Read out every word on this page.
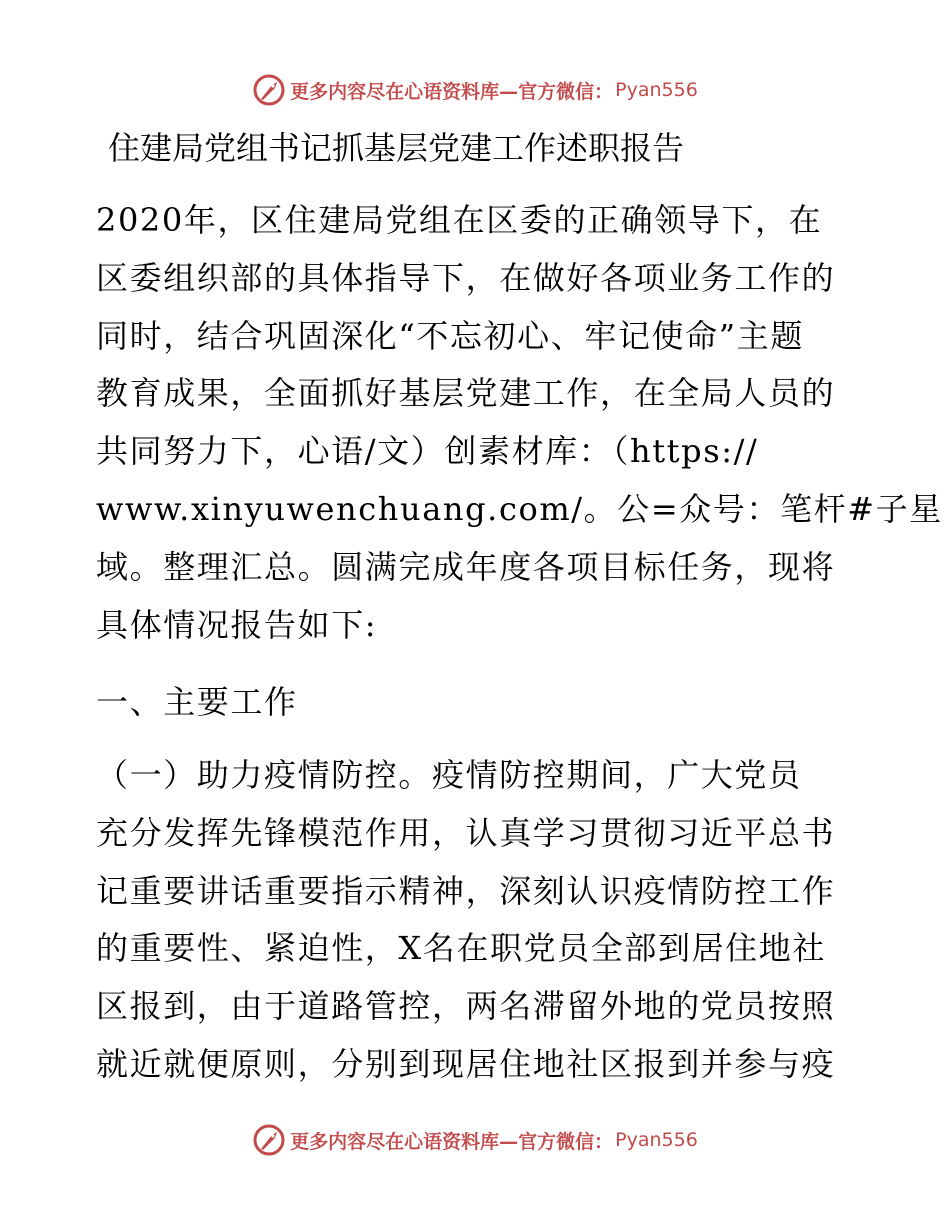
更多内容尽在心语资料库—官方微信： Pyan556
住建局党组书记抓基层党建工作述职报告
2020年，区住建局党组在区委的正确领导下，在
区委组织部的具体指导下，在做好各项业务工作的
同时，结合巩固深化“不忘初心、牢记使命”主题
教育成果，全面抓好基层党建工作，在全局人员的
共同努力下，心语/文）创素材库：（https://
www.xinyuwenchuang.com/。公=众号：笔杆#子星
域。整理汇总。圆满完成年度各项目标任务，现将
具体情况报告如下:
一、主要工作
（一）助力疫情防控。疫情防控期间，广大党员
充分发挥先锋模范作用，认真学习贯彻习近平总书
记重要讲话重要指示精神，深刻认识疫情防控工作
的重要性、紧迫性，X名在职党员全部到居住地社
区报到，由于道路管控，两名滞留外地的党员按照
就近就便原则，分别到现居住地社区报到并参与疫
更多内容尽在心语资料库—官方微信： Pyan556
